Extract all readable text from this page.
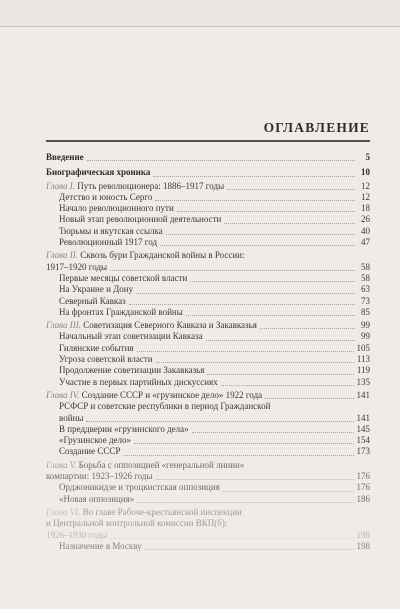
ОГЛАВЛЕНИЕ
Введение	5
Биографическая хроника	10
Глава I. Путь революционера: 1886–1917 годы	12
Детство и юность Серго	12
Начало революционного пути	18
Новый этап революционной деятельности	26
Тюрьмы и якутская ссылка	40
Революционный 1917 год	47
Глава II. Сквозь бури Гражданской войны в России:
1917–1920 годы	58
Первые месяцы советской власти	58
На Украине и Дону	63
Северный Кавказ	73
На фронтах Гражданской войны	85
Глава III. Советизация Северного Кавказа и Закавказья	99
Начальный этап советизации Кавказа	99
Гилянские события	105
Угроза советской власти	113
Продолжение советизации Закавказья	119
Участие в первых партийных дискуссиях	135
Глава IV. Создание СССР и «грузинское дело» 1922 года	141
РСФСР и советские республики в период Гражданской
войны	141
В преддверии «грузинского дела»	145
«Грузинское дело»	154
Создание СССР	173
Глава V. Борьба с оппозицией «генеральной линии»
компартии: 1923–1926 годы	176
Орджоникидзе и троцкистская оппозиция	176
«Новая оппозиция»	186
Глава VI. Во главе Рабоче-крестьянской инспекции
и Центральной контрольной комиссии ВКП(б):
1926–1930 годы	198
Назначение в Москву	198
